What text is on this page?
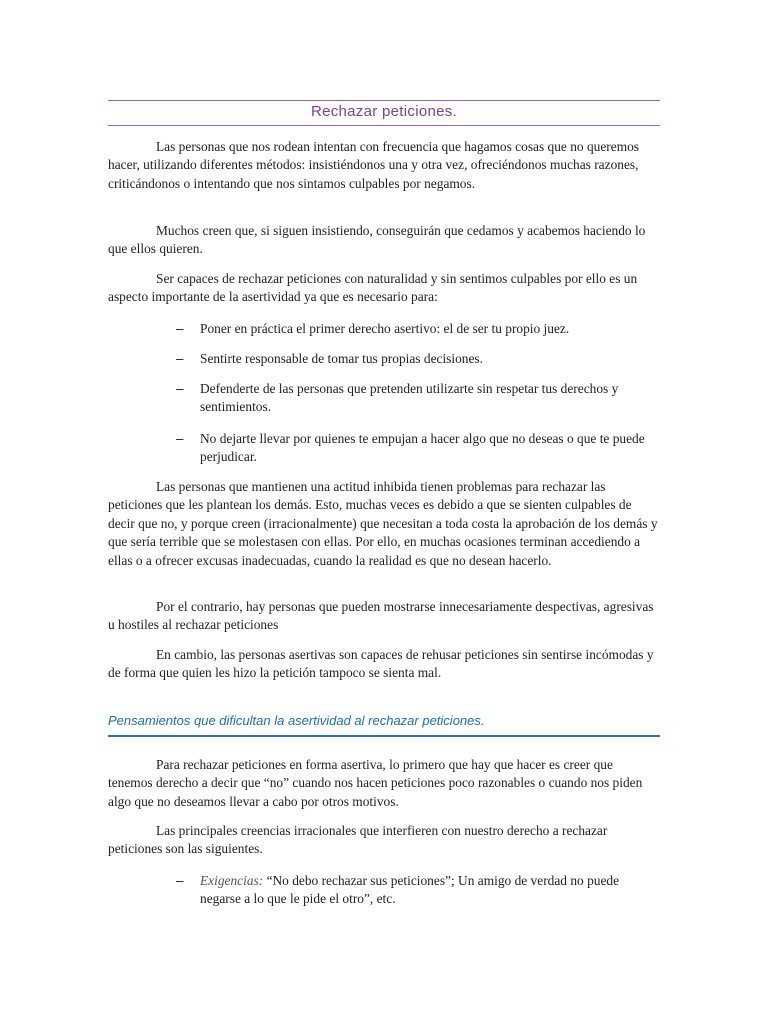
Rechazar peticiones.

Las personas que nos rodean intentan con frecuencia que hagamos cosas que no queremos hacer, utilizando diferentes métodos: insistiéndonos una y otra vez, ofreciéndonos muchas razones, criticándonos o intentando que nos sintamos culpables por negamos.

Muchos creen que, si siguen insistiendo, conseguirán que cedamos y acabemos haciendo lo que ellos quieren.

Ser capaces de rechazar peticiones con naturalidad y sin sentimos culpables por ello es un aspecto importante de la asertividad ya que es necesario para:

–	Poner en práctica el primer derecho asertivo: el de ser tu propio juez.

–	Sentirte responsable de tomar tus propias decisiones.

–	Defenderte de las personas que pretenden utilizarte sin respetar tus derechos y sentimientos.

–	No dejarte llevar por quienes te empujan a hacer algo que no deseas o que te puede perjudicar.

Las personas que mantienen una actitud inhibida tienen problemas para rechazar las peticiones que les plantean los demás. Esto, muchas veces es debido a que se sienten culpables de decir que no, y porque creen (irracionalmente) que necesitan a toda costa la aprobación de los demás y que sería terrible que se molestasen con ellas. Por ello, en muchas ocasiones terminan accediendo a ellas o a ofrecer excusas inadecuadas, cuando la realidad es que no desean hacerlo.

Por el contrario, hay personas que pueden mostrarse innecesariamente despectivas, agresivas u hostiles al rechazar peticiones

En cambio, las personas asertivas son capaces de rehusar peticiones sin sentirse incómodas y de forma que quien les hizo la petición tampoco se sienta mal.

Pensamientos que dificultan la asertividad al rechazar peticiones.

Para rechazar peticiones en forma asertiva, lo primero que hay que hacer es creer que tenemos derecho a decir que “no” cuando nos hacen peticiones poco razonables o cuando nos piden algo que no deseamos llevar a cabo por otros motivos.

Las principales creencias irracionales que interfieren con nuestro derecho a rechazar peticiones son las siguientes.

–	Exigencias: “No debo rechazar sus peticiones”; Un amigo de verdad no puede negarse a lo que le pide el otro”, etc.
